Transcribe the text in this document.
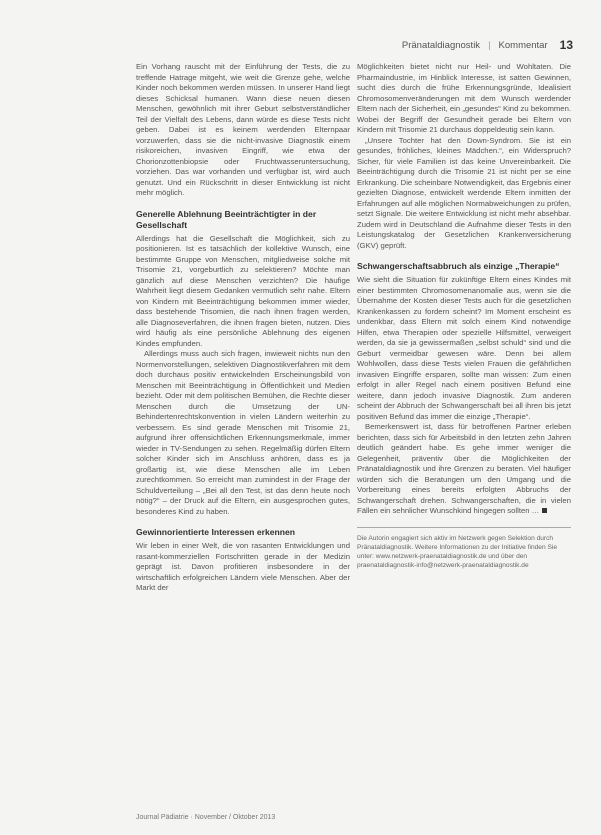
Pränataldiagnostik | Kommentar 13

Ein Vorhang rauscht mit der Einführung der Tests, die zu treffende Hatrage mitgeht, wie weit die Grenze gehe, welche Kinder noch bekommen werden müssen. In unserer Hand liegt dieses Schicksal humanen. Wann diese neuen diesen Menschen, gewöhnlich mit ihrer Geburt selbstverständlicher Teil der Vielfalt des Lebens, dann würde es diese Tests nicht geben. Dabei ist es keinem werdenden Elternpaar vorzuwerfen, dass sie die nicht-invasive Diagnostik einem risikoreichen, invasiven Eingriff, wie etwa der Chorionzottenbiopsie oder Fruchtwasseruntersuchung, vorziehen. Das war vorhanden und verfügbar ist, wird auch genutzt. Und ein Rückschritt in dieser Entwicklung ist nicht mehr möglich.

Generelle Ablehnung Beeinträchtigter in der Gesellschaft

Allerdings hat die Gesellschaft die Möglichkeit, sich zu positionieren. Ist es tatsächlich der kollektive Wunsch, eine bestimmte Gruppe von Menschen, mitgliedweise solche mit Trisomie 21, vorgeburtlich zu selektieren? Möchte man gänzlich auf diese Menschen verzichten? Die häufige Wahrheit liegt diesem Gedanken vermutlich sehr nahe. Eltern von Kindern mit Beeinträchtigung bekommen immer wieder, dass bestehende Trisomien, die nach ihnen fragen werden, alle Diagnoseverfahren, die ihnen fragen bieten, nutzen. Dies wird häufig als eine persönliche Ablehnung des eigenen Kindes empfunden.

Allerdings muss auch sich fragen, inwieweit nichts nun den Normenvorstellungen, selektiven Diagnostikverfahren mit dem doch durchaus positiv entwickelnden Erscheinungsbild von Menschen mit Beeinträchtigung in Öffentlichkeit und Medien bezieht. Oder mit dem politischen Bemühen, die Rechte dieser Menschen durch die Umsetzung der UN-Behindertenrechtskonvention in vielen Ländern weiterhin zu verbessern. Es sind gerade Menschen mit Trisomie 21, aufgrund ihrer offensichtlichen Erkennungsmerkmale, immer wieder in TV-Sendungen zu sehen. Regelmäßig dürfen Eltern solcher Kinder sich im Anschluss anhören, dass es ja großartig ist, wie diese Menschen alle im Leben zurechtkommen. So erreicht man zumindest in der Frage der Schuldverteilung – „Bei all den Test, ist das denn heute noch nötig?“ – der Druck auf die Eltern, ein ausgesprochen gutes, besonderes Kind zu haben.

Gewinnorientierte Interessen erkennen

Wir leben in einer Welt, die von rasanten Entwicklungen und rasant-kommerziellen Fortschritten gerade in der Medizin geprägt ist. Davon profitieren insbesondere in der wirtschaftlich erfolgreichen Ländern viele Menschen. Aber der Markt der

Möglichkeiten bietet nicht nur Heil- und Wohltaten. Die Pharmaindustrie, im Hinblick Interesse, ist satten Gewinnen, sucht dies durch die frühe Erkennungsgründe, Idealisiert Chromosomenveränderungen mit dem Wunsch werdender Eltern nach der Sicherheit, ein „gesundes“ Kind zu bekommen. Wobei der Begriff der Gesundheit gerade bei Eltern von Kindern mit Trisomie 21 durchaus doppeldeutig sein kann.

„Unsere Tochter hat den Down-Syndrom. Sie ist ein gesundes, fröhliches, kleines Mädchen.“, ein Widerspruch? Sicher, für viele Familien ist das keine Unvereinbarkeit. Die Beeinträchtigung durch die Trisomie 21 ist nicht per se eine Erkrankung. Die scheinbare Notwendigkeit, das Ergebnis einer gezielten Diagnose, entwickelt werdende Eltern inmitten der Erfahrungen auf alle möglichen Normabweichungen zu prüfen, setzt Signale. Die weitere Entwicklung ist nicht mehr absehbar. Zudem wird in Deutschland die Aufnahme dieser Tests in den Leistungskatalog der Gesetzlichen Krankenversicherung (GKV) geprüft.

Schwangerschaftsabbruch als einzige „Therapie“

Wie sieht die Situation für zukünftige Eltern eines Kindes mit einer bestimmten Chromosomenanomalie aus, wenn sie die Übernahme der Kosten dieser Tests auch für die gesetzlichen Krankenkassen zu fordern scheint? Im Moment erscheint es undenkbar, dass Eltern mit solch einem Kind notwendige Hilfen, etwa Therapien oder spezielle Hilfsmittel, verweigert werden, da sie ja gewissermaßen „selbst schuld“ sind und die Geburt vermeidbar gewesen wäre. Denn bei allem Wohlwollen, dass diese Tests vielen Frauen die gefährlichen invasiven Eingriffe ersparen, sollte man wissen: Zum einen erfolgt in aller Regel nach einem positiven Befund eine weitere, dann jedoch invasive Diagnostik. Zum anderen scheint der Abbruch der Schwangerschaft bei all ihren bis jetzt positiven Befund das immer die einzige „Therapie“.

Bemerkenswert ist, dass für betroffenen Partner erleben berichten, dass sich für Arbeitsbild in den letzten zehn Jahren deutlich geändert habe. Es gehe immer weniger die Gelegenheit, präventiv über die Möglichkeiten der Pränataldiagnostik und ihre Grenzen zu beraten. Viel häufiger würden sich die Beratungen um den Umgang und die Vorbereitung eines bereits erfolgten Abbruchs der Schwangerschaft drehen. Schwangerschaften, die in vielen Fällen ein sehnlicher Wunschkind hingegen sollten …

Die Autorin engagiert sich aktiv im Netzwerk gegen Selektion durch Pränataldiagnostik. Weitere Informationen zu der Initiative finden Sie unter: www.netzwerk-praenataldiagnostik.de und über den praenataldiagnostik-info@netzwerk-praenataldiagnostik.de
Journal Pädiatrie · November / Oktober 2013
